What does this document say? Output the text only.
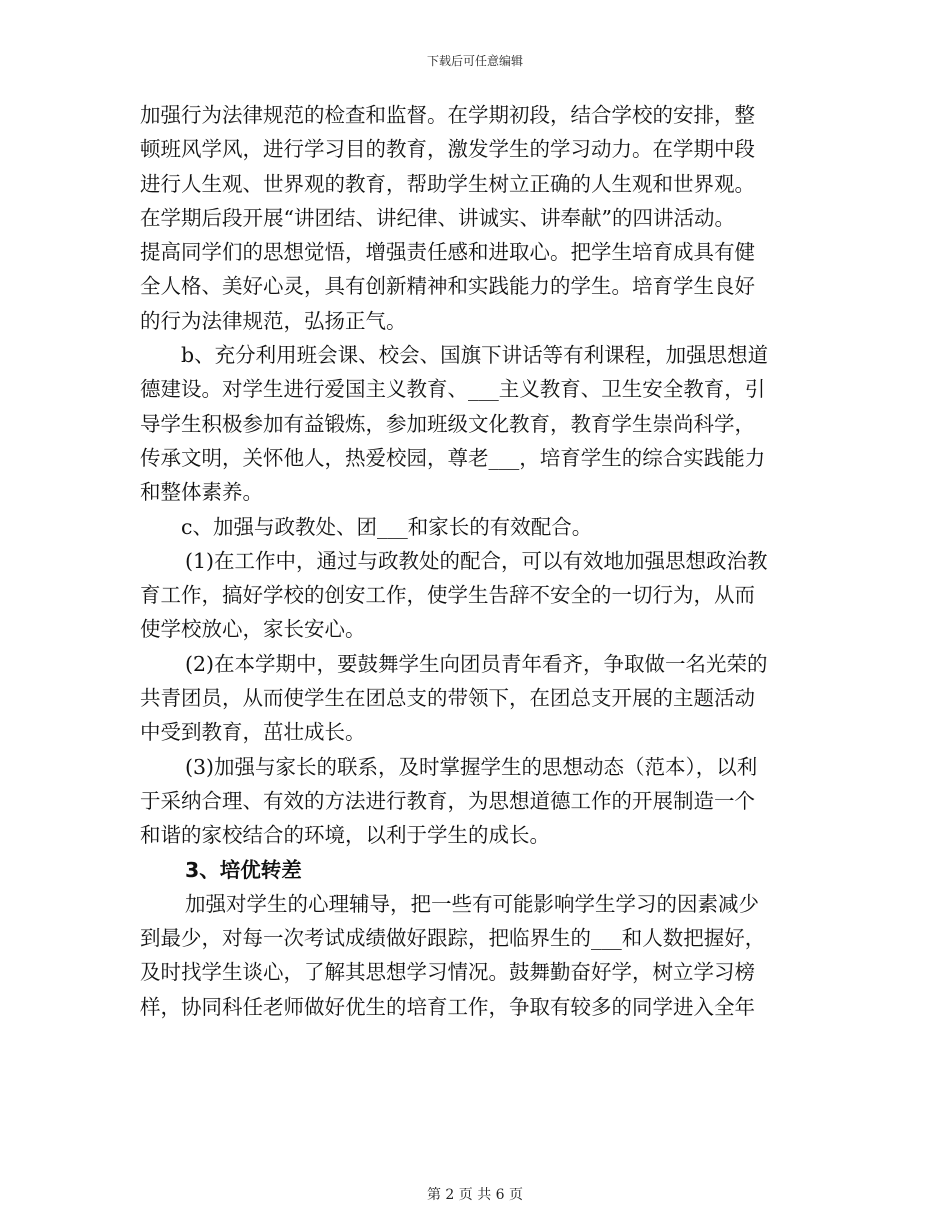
下载后可任意编辑
加强行为法律规范的检查和监督。在学期初段，结合学校的安排，整
顿班风学风，进行学习目的教育，激发学生的学习动力。在学期中段
进行人生观、世界观的教育，帮助学生树立正确的人生观和世界观。
在学期后段开展“讲团结、讲纪律、讲诚实、讲奉献”的四讲活动。
提高同学们的思想觉悟，增强责任感和进取心。把学生培育成具有健
全人格、美好心灵，具有创新精神和实践能力的学生。培育学生良好
的行为法律规范，弘扬正气。
b、充分利用班会课、校会、国旗下讲话等有利课程，加强思想道
德建设。对学生进行爱国主义教育、___主义教育、卫生安全教育，引
导学生积极参加有益锻炼，参加班级文化教育，教育学生崇尚科学，
传承文明，关怀他人，热爱校园，尊老___，培育学生的综合实践能力
和整体素养。
c、加强与政教处、团___和家长的有效配合。
(1)在工作中，通过与政教处的配合，可以有效地加强思想政治教
育工作，搞好学校的创安工作，使学生告辞不安全的一切行为，从而
使学校放心，家长安心。
(2)在本学期中，要鼓舞学生向团员青年看齐，争取做一名光荣的
共青团员，从而使学生在团总支的带领下，在团总支开展的主题活动
中受到教育，茁壮成长。
(3)加强与家长的联系，及时掌握学生的思想动态（范本），以利
于采纳合理、有效的方法进行教育，为思想道德工作的开展制造一个
和谐的家校结合的环境，以利于学生的成长。
3、培优转差
加强对学生的心理辅导，把一些有可能影响学生学习的因素减少
到最少，对每一次考试成绩做好跟踪，把临界生的___和人数把握好，
及时找学生谈心，了解其思想学习情况。鼓舞勤奋好学，树立学习榜
样，协同科任老师做好优生的培育工作，争取有较多的同学进入全年
第 2 页 共 6 页
